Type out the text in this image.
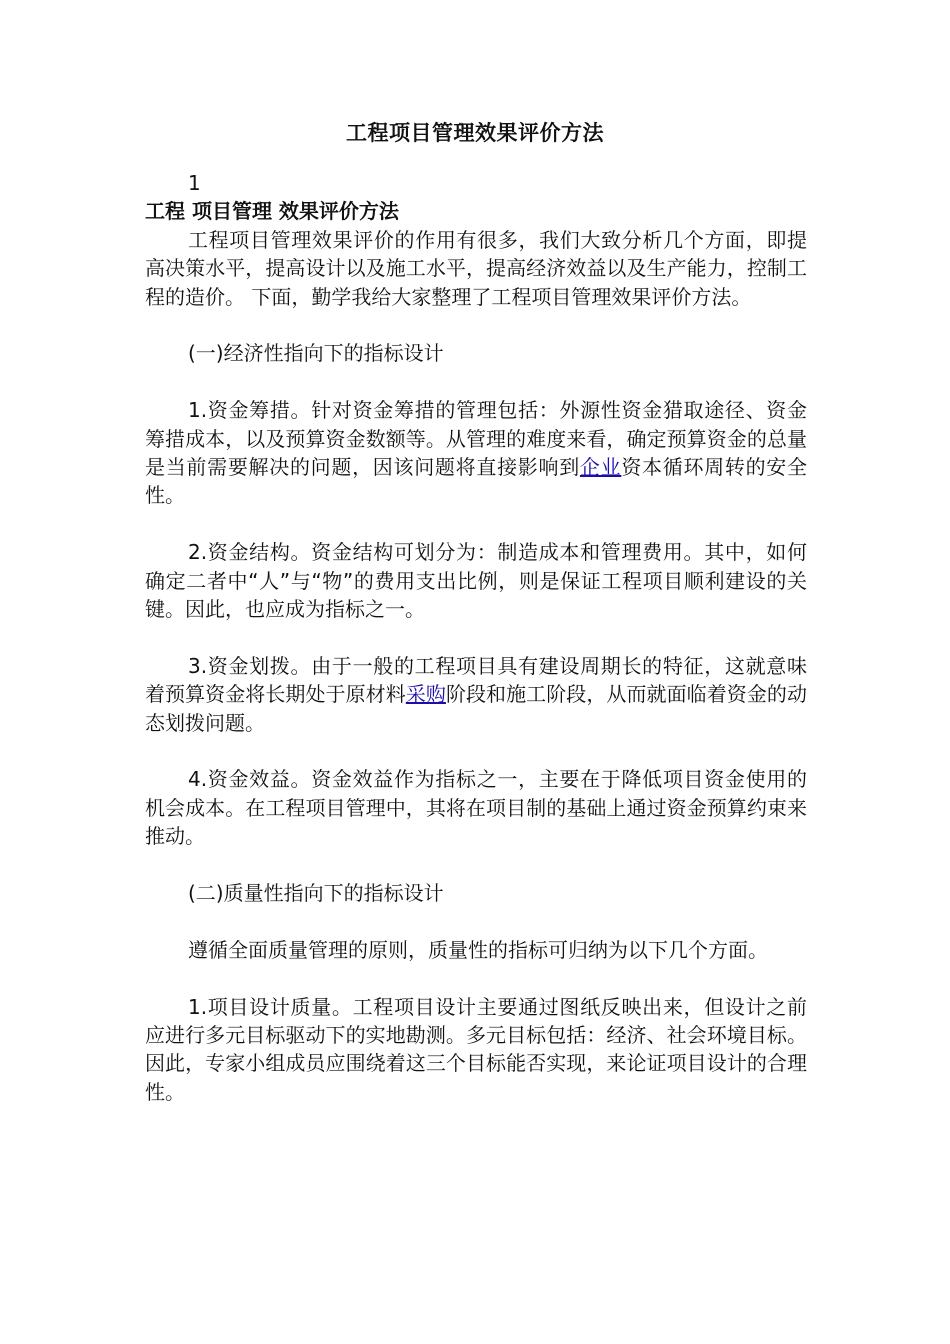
工程项目管理效果评价方法

1

工程 项目管理 效果评价方法

工程项目管理效果评价的作用有很多，我们大致分析几个方面，即提高决策水平，提高设计以及施工水平，提高经济效益以及生产能力，控制工程的造价。 下面，勤学我给大家整理了工程项目管理效果评价方法。

(一)经济性指向下的指标设计

1.资金筹措。针对资金筹措的管理包括：外源性资金猎取途径、资金筹措成本，以及预算资金数额等。从管理的难度来看，确定预算资金的总量是当前需要解决的问题，因该问题将直接影响到企业资本循环周转的安全性。

2.资金结构。资金结构可划分为：制造成本和管理费用。其中，如何确定二者中“人”与“物”的费用支出比例，则是保证工程项目顺利建设的关键。因此，也应成为指标之一。

3.资金划拨。由于一般的工程项目具有建设周期长的特征，这就意味着预算资金将长期处于原材料采购阶段和施工阶段，从而就面临着资金的动态划拨问题。

4.资金效益。资金效益作为指标之一，主要在于降低项目资金使用的机会成本。在工程项目管理中，其将在项目制的基础上通过资金预算约束来推动。

(二)质量性指向下的指标设计

遵循全面质量管理的原则，质量性的指标可归纳为以下几个方面。

1.项目设计质量。工程项目设计主要通过图纸反映出来，但设计之前应进行多元目标驱动下的实地勘测。多元目标包括：经济、社会环境目标。因此，专家小组成员应围绕着这三个目标能否实现，来论证项目设计的合理性。
